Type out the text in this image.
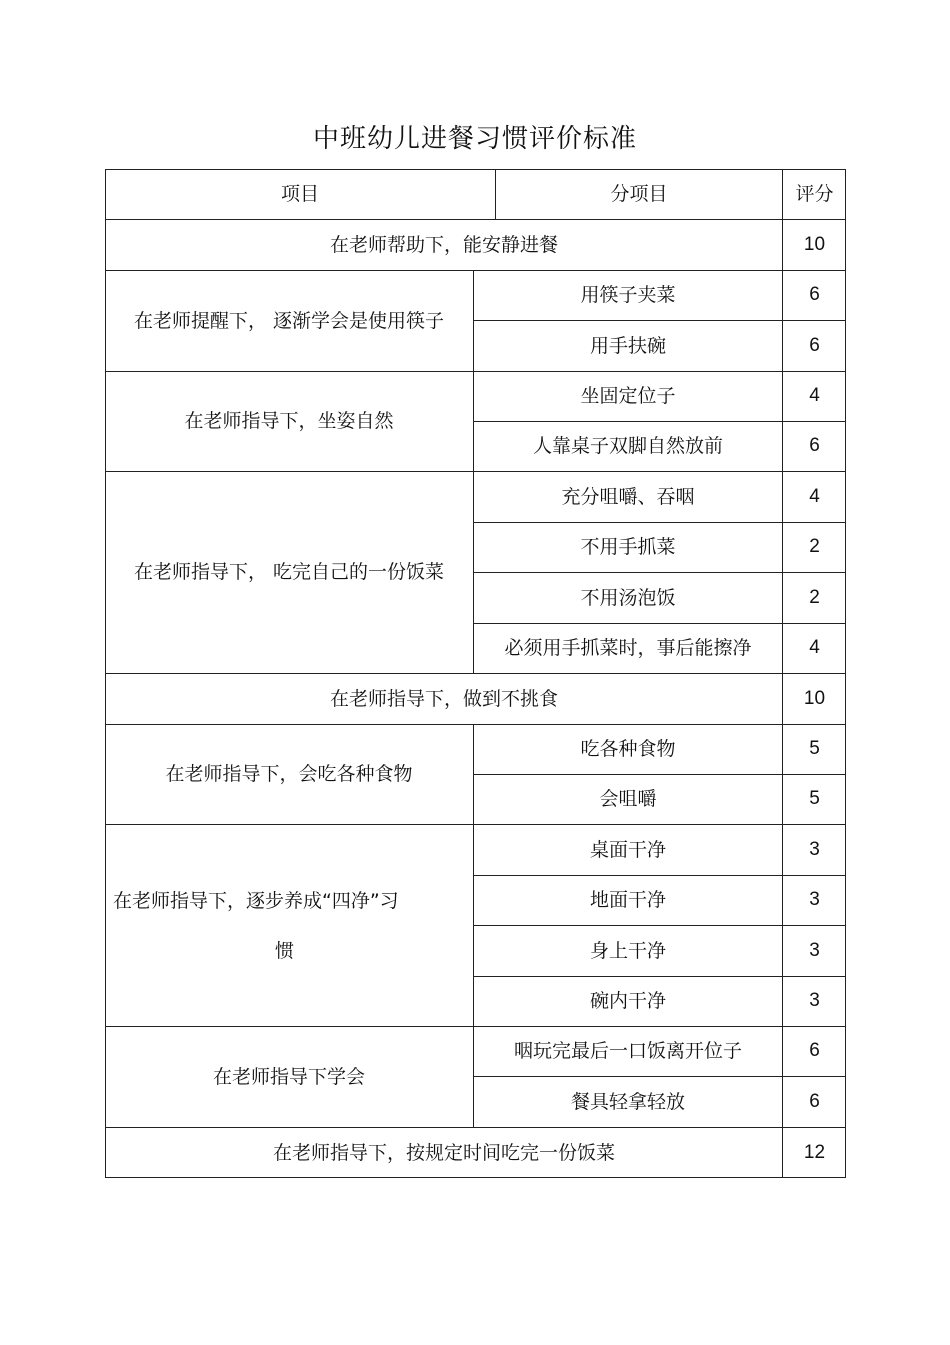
中班幼儿进餐习惯评价标准
项目	分项目	评分
在老师帮助下，能安静进餐	10
在老师提醒下， 逐渐学会是使用筷子
用筷子夹菜	6
用手扶碗	6
在老师指导下，坐姿自然
坐固定位子	4
人靠桌子双脚自然放前	6
在老师指导下， 吃完自己的一份饭菜
充分咀嚼、吞咽	4
不用手抓菜	2
不用汤泡饭	2
必须用手抓菜时，事后能擦净	4
在老师指导下，做到不挑食	10
在老师指导下，会吃各种食物
吃各种食物	5
会咀嚼	5
在老师指导下，逐步养成“四净”习
惯
桌面干净	3
地面干净	3
身上干净	3
碗内干净	3
在老师指导下学会
咽玩完最后一口饭离开位子	6
餐具轻拿轻放	6
在老师指导下，按规定时间吃完一份饭菜	12
